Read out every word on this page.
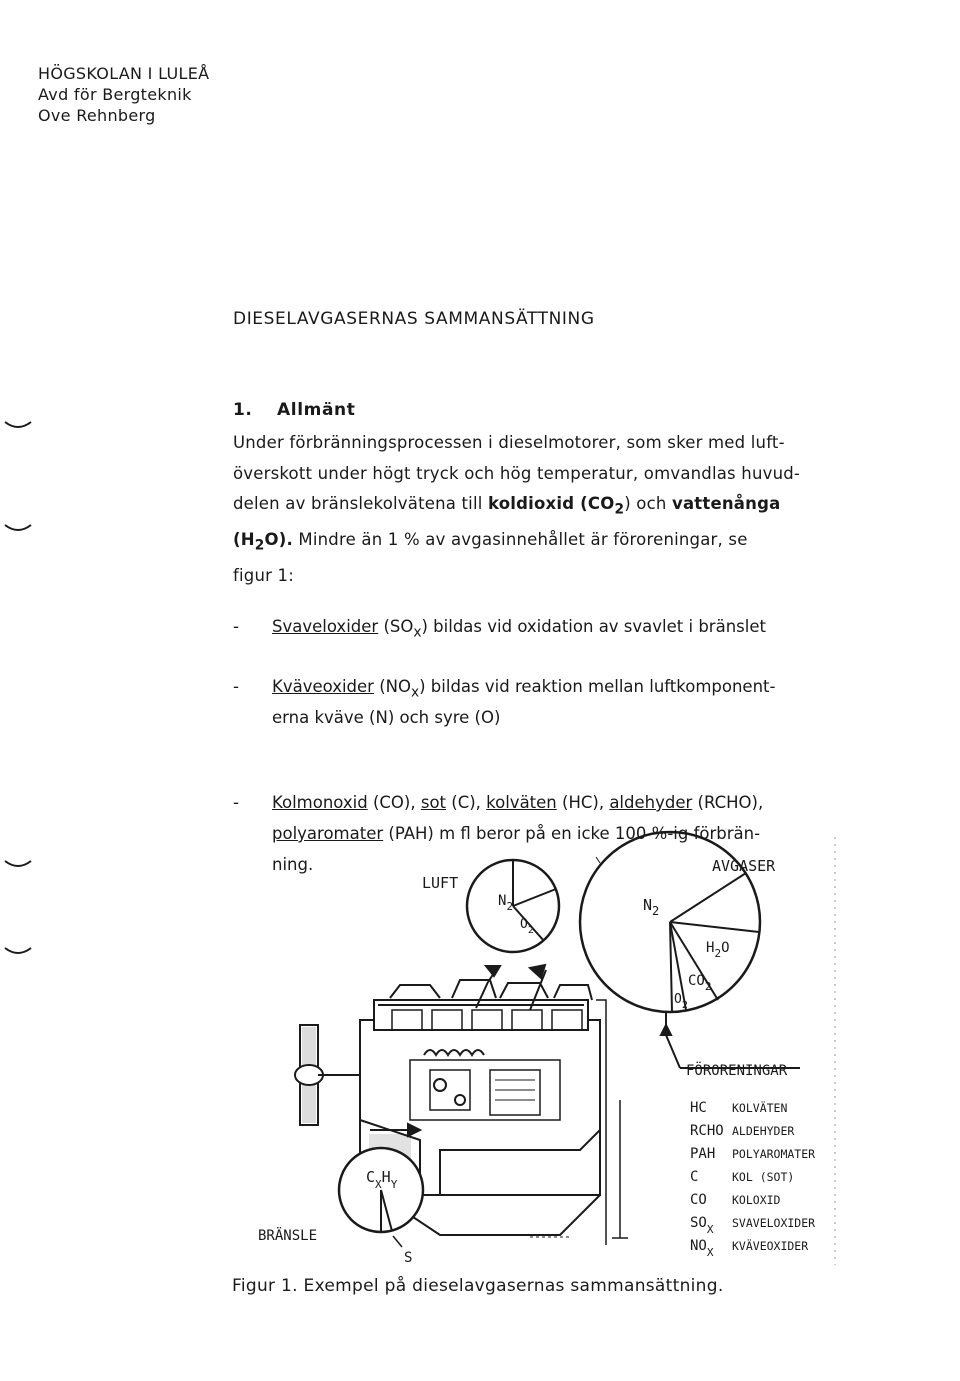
HÖGSKOLAN I LULEÅ
Avd för Bergteknik
Ove Rehnberg
DIESELAVGASERNAS SAMMANSÄTTNING
1. Allmänt
Under förbränningsprocessen i dieselmotorer, som sker med luft-
överskott under högt tryck och hög temperatur, omvandlas huvud-
delen av bränslekolvätena till koldioxid $(CO_2)$ och vattenånga
$(H_2O)$. Mindre än 1 % av avgasinnehållet är föroreningar, se
figur 1:
- Svaveloxider $(SO_x)$ bildas vid oxidation av svavlet i bränslet
- Kväveoxider $(NO_x)$ bildas vid reaktion mellan luftkomponent-
erna kväve (N) och syre (O)
- Kolmonoxid (CO), sot (C), kolväten (HC), aldehyder (RCHO),
polyaromater (PAH) m fl beror på en icke 100 %-ig förbrän-
ning.
LUFT
$N_2$
$O_2$
$N_2$
$H_2O$
$CO_2$
$O_2$
AVGASER
$C_XH_Y$
S
BRÄNSLE
FÖRORENINGAR
HC KOLVÄTEN
RCHO ALDEHYDER
PAH POLYAROMATER
C	KOL (SOT)
CO KOLOXID
$SO_X$ SVAVELOXIDER
$NO_X$ KVÄVEOXIDER
Figur 1. Exempel på dieselavgasernas sammansättning.
